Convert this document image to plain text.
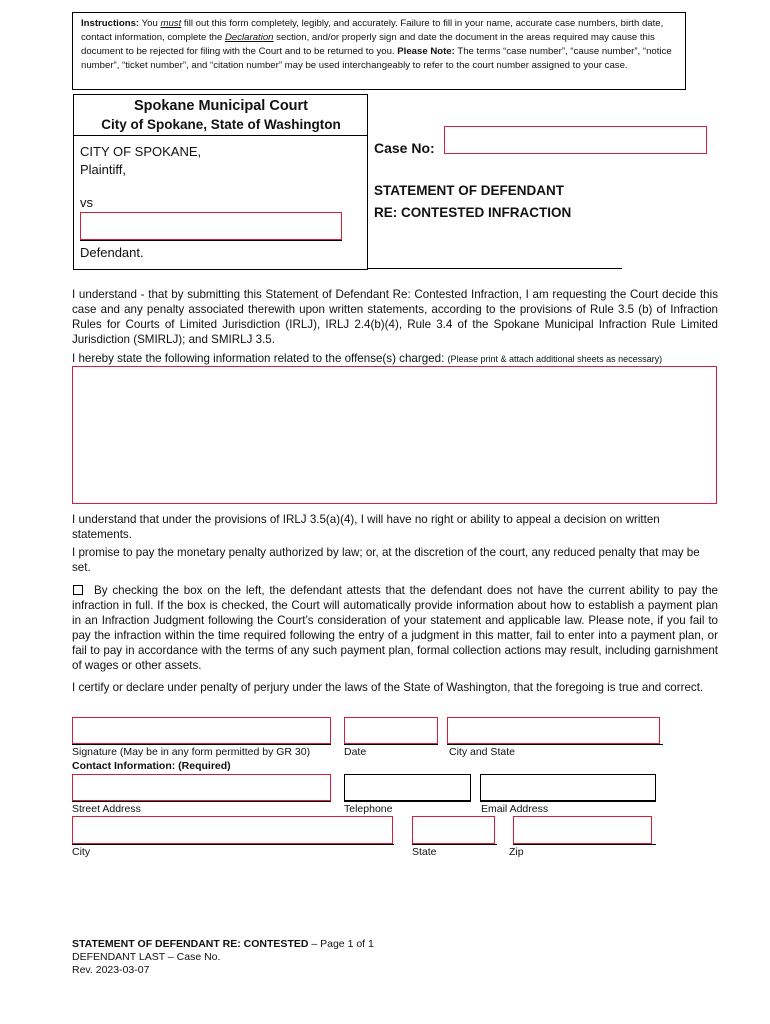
Instructions: You must fill out this form completely, legibly, and accurately. Failure to fill in your name, accurate case numbers, birth date, contact information, complete the Declaration section, and/or properly sign and date the document in the areas required may cause this document to be rejected for filing with the Court and to be returned to you. Please Note: The terms “case number”, “cause number”, “notice number”, “ticket number”, and “citation number” may be used interchangeably to refer to the court number assigned to your case.
Spokane Municipal Court
City of Spokane, State of Washington
CITY OF SPOKANE,
Plaintiff,
vs
Defendant.
Case No:
STATEMENT OF DEFENDANT
RE: CONTESTED INFRACTION
I understand - that by submitting this Statement of Defendant Re: Contested Infraction, I am requesting the Court decide this case and any penalty associated therewith upon written statements, according to the provisions of Rule 3.5 (b) of Infraction Rules for Courts of Limited Jurisdiction (IRLJ), IRLJ 2.4(b)(4), Rule 3.4 of the Spokane Municipal Infraction Rule Limited Jurisdiction (SMIRLJ); and SMIRLJ 3.5.
I hereby state the following information related to the offense(s) charged: (Please print & attach additional sheets as necessary)
I understand that under the provisions of IRLJ 3.5(a)(4), I will have no right or ability to appeal a decision on written statements.
I promise to pay the monetary penalty authorized by law; or, at the discretion of the court, any reduced penalty that may be set.
By checking the box on the left, the defendant attests that the defendant does not have the current ability to pay the infraction in full. If the box is checked, the Court will automatically provide information about how to establish a payment plan in an Infraction Judgment following the Court’s consideration of your statement and applicable law. Please note, if you fail to pay the infraction within the time required following the entry of a judgment in this matter, fail to enter into a payment plan, or fail to pay in accordance with the terms of any such payment plan, formal collection actions may result, including garnishment of wages or other assets.
I certify or declare under penalty of perjury under the laws of the State of Washington, that the foregoing is true and correct.
Signature (May be in any form permitted by GR 30)	Date	City and State
Contact Information: (Required)
Street Address	Telephone	Email Address
City	State	Zip
STATEMENT OF DEFENDANT RE: CONTESTED – Page 1 of 1
DEFENDANT LAST – Case No.
Rev. 2023-03-07
